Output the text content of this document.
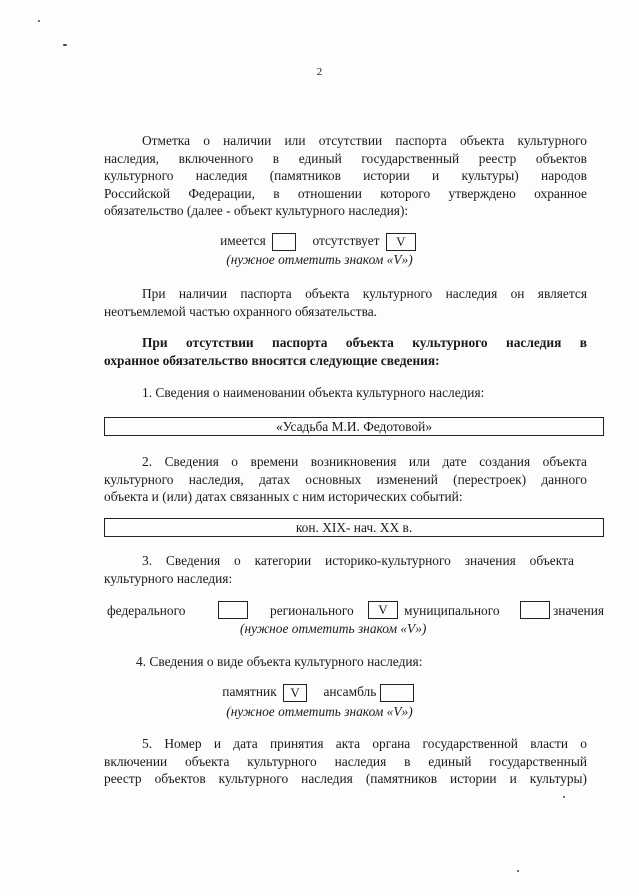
2
Отметка о наличии или отсутствии паспорта объекта культурного
наследия, включенного в единый государственный реестр объектов
культурного наследия (памятников истории и культуры) народов
Российской Федерации, в отношении которого утверждено охранное
обязательство (далее - объект культурного наследия):
имеется	отсутствует V
(нужное отметить знаком «V»)
При наличии паспорта объекта культурного наследия он является
неотъемлемой частью охранного обязательства.
При отсутствии паспорта объекта культурного наследия в
охранное обязательство вносятся следующие сведения:
1. Сведения о наименовании объекта культурного наследия:
«Усадьба М.И. Федотовой»
2. Сведения о времени возникновения или дате создания объекта
культурного наследия, датах основных изменений (перестроек) данного
объекта и (или) датах связанных с ним исторических событий:
кон. XIX- нач. XX в.
3. Сведения о категории историко-культурного значения объекта
культурного наследия:
федерального	регионального	V	муниципального	значения
(нужное отметить знаком «V»)
4. Сведения о виде объекта культурного наследия:
памятник V ансамбль
(нужное отметить знаком «V»)
5. Номер и дата принятия акта органа государственной власти о
включении объекта культурного наследия в единый государственный
реестр объектов культурного наследия (памятников истории и культуры)
